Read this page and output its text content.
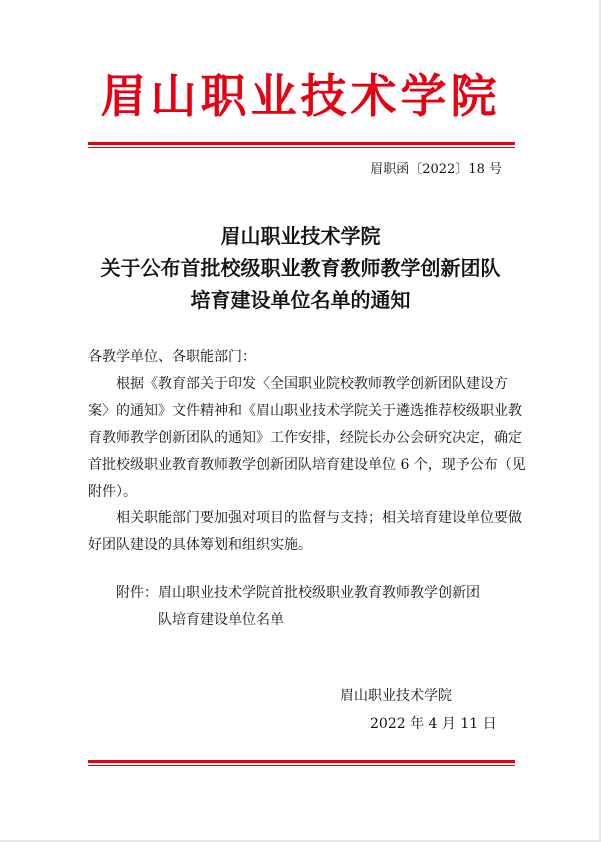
眉山职业技术学院
眉职函〔2022〕18 号
眉山职业技术学院
关于公布首批校级职业教育教师教学创新团队
培育建设单位名单的通知
各教学单位、各职能部门：
根据《教育部关于印发〈全国职业院校教师教学创新团队建设方案〉的通知》文件精神和《眉山职业技术学院关于遴选推荐校级职业教育教师教学创新团队的通知》工作安排，经院长办公会研究决定，确定首批校级职业教育教师教学创新团队培育建设单位 6 个，现予公布（见附件）。
相关职能部门要加强对项目的监督与支持；相关培育建设单位要做好团队建设的具体筹划和组织实施。
附件：眉山职业技术学院首批校级职业教育教师教学创新团
队培育建设单位名单
眉山职业技术学院
2022 年 4 月 11 日
